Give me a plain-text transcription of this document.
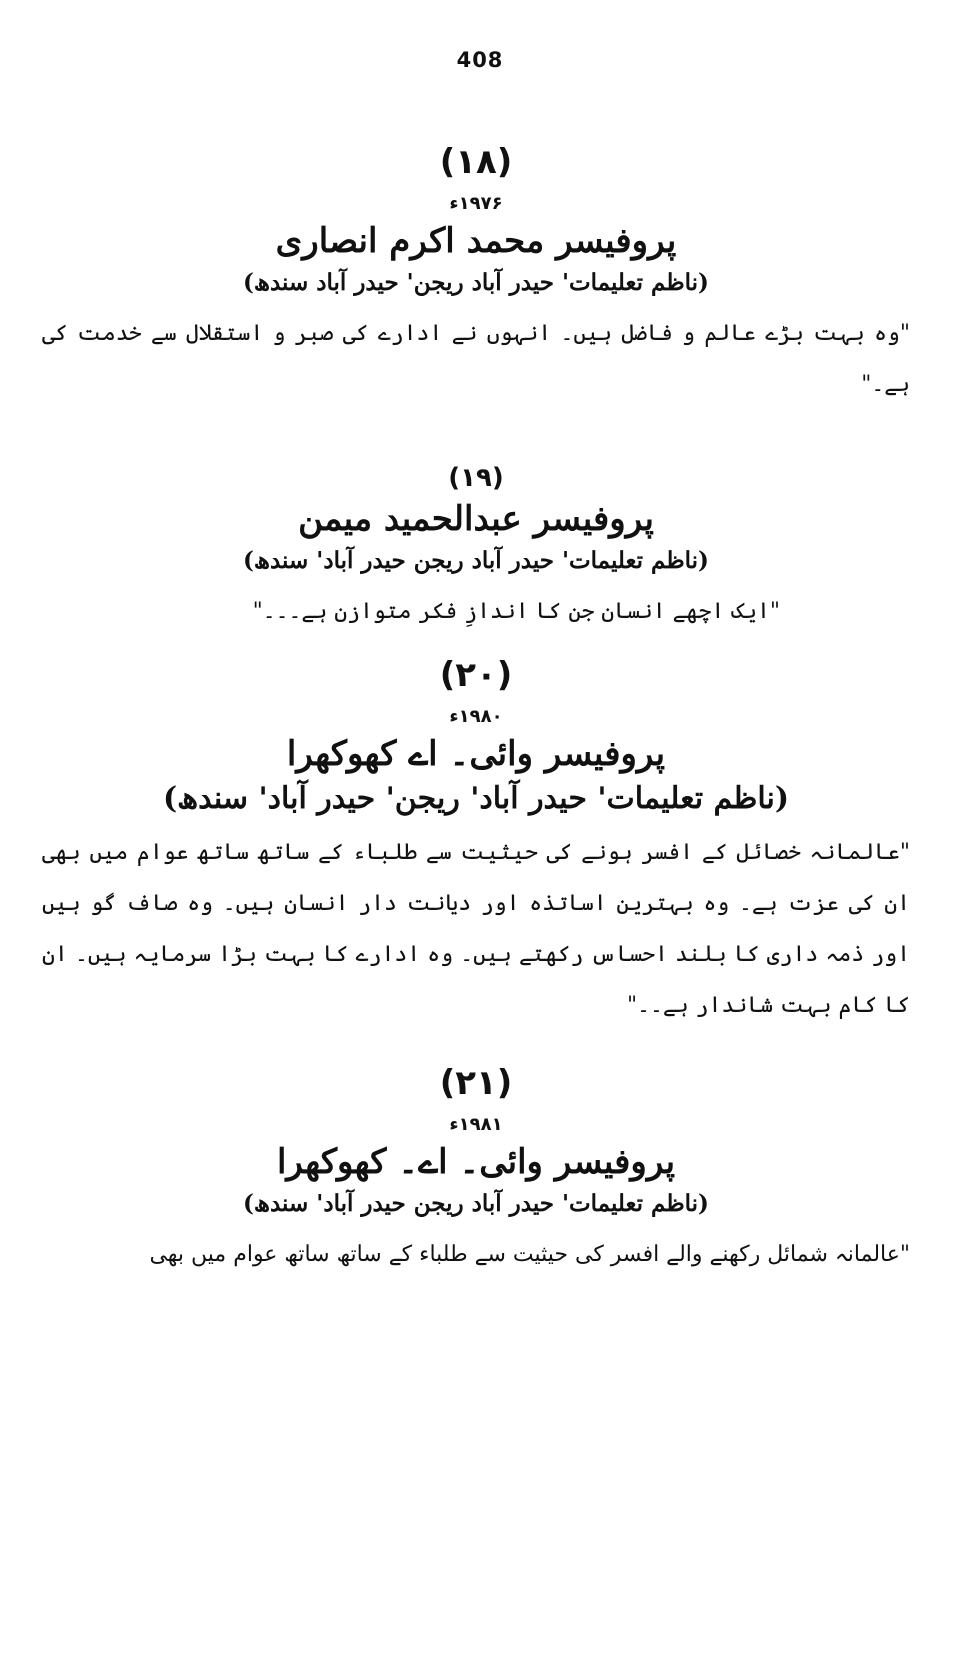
408
(۱۸)
۱۹۷۶ء
پروفیسر محمد اکرم انصاری
(ناظم تعلیمات' حیدر آباد ریجن' حیدر آباد سندھ)
"وہ بہت بڑے عالم و فاضل ہیں۔ انہوں نے ادارے کی صبر و استقلال سے خدمت کی ہے۔"
(۱۹)
پروفیسر عبدالحمید میمن
(ناظم تعلیمات' حیدر آباد ریجن حیدر آباد' سندھ)
"ایک اچھے انسان جن کا اندازِ فکر متوازن ہے۔۔۔"
(۲۰)
۱۹۸۰ء
پروفیسر وائی۔ اے کھوکھرا
(ناظم تعلیمات' حیدر آباد' ریجن' حیدر آباد' سندھ)
"عالمانہ خصائل کے افسر ہونے کی حیثیت سے طلباء کے ساتھ ساتھ عوام میں بھی ان کی عزت ہے۔ وہ بہترین اساتذہ اور دیانت دار انسان ہیں۔ وہ صاف گو ہیں اور ذمہ داری کا بلند احساس رکھتے ہیں۔ وہ ادارے کا بہت بڑا سرمایہ ہیں۔ ان کا کام بہت شاندار ہے۔۔"
(۲۱)
۱۹۸۱ء
پروفیسر وائی۔ اے۔ کھوکھرا
(ناظم تعلیمات' حیدر آباد ریجن حیدر آباد' سندھ)
"عالمانہ شمائل رکھنے والے افسر کی حیثیت سے طلباء کے ساتھ ساتھ عوام میں بھی
